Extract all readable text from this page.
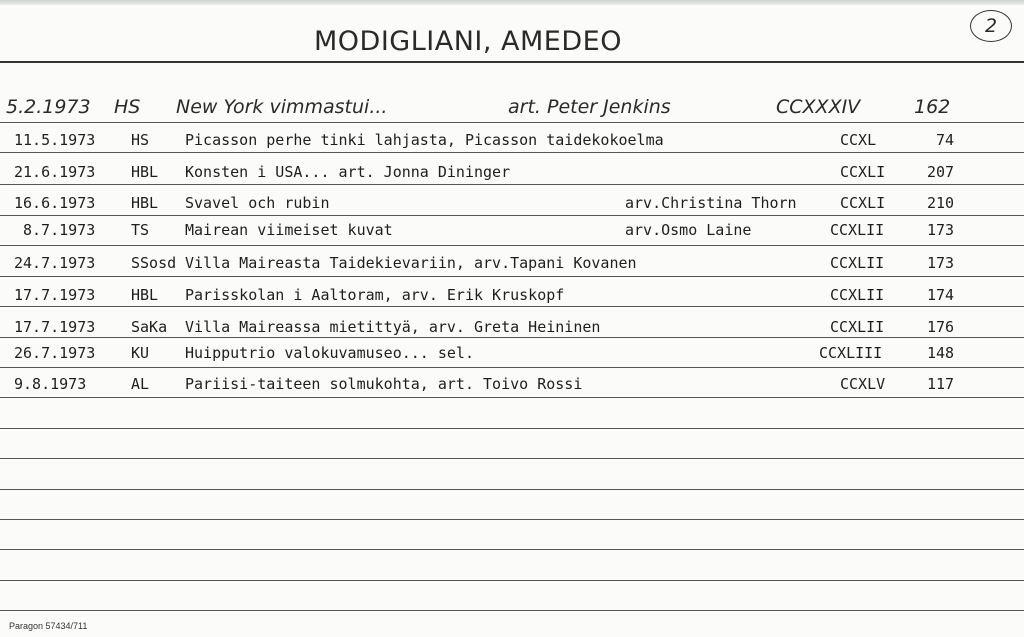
MODIGLIANI, AMEDEO	2
5.2.1973 HS New York vimmastui...	art. Peter Jenkins	CCXXXIV	162
11.5.1973 HS Picasson perhe tinki lahjasta, Picasson taidekokoelma	CCXL	74
21.6.1973 HBL Konsten i USA... art. Jonna Dininger	CCXLI	207
16.6.1973 HBL Svavel och rubin	arv.Christina Thorn	CCXLI	210
8.7.1973 TS Mairean viimeiset kuvat	arv.Osmo Laine	CCXLII	173
24.7.1973 SSosd Villa Maireasta Taidekievariin, arv.Tapani Kovanen	CCXLII	173
17.7.1973 HBL Parisskolan i Aaltoram, arv. Erik Kruskopf	CCXLII	174
17.7.1973 SaKa Villa Maireassa mietittyä, arv. Greta Heininen	CCXLII	176
26.7.1973 KU Huipputrio valokuvamuseo... sel.	CCXLIII	148
9.8.1973	AL Pariisi-taiteen solmukohta, art. Toivo Rossi	CCXLV	117
Paragon 57434/711
